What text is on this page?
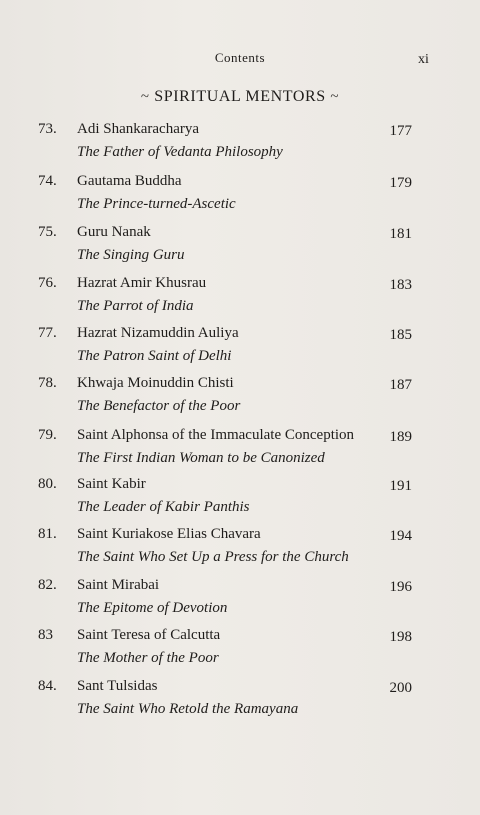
Contents	xi
~ SPIRITUAL MENTORS ~
73. Adi Shankaracharya
The Father of Vedanta Philosophy
177
74. Gautama Buddha
The Prince-turned-Ascetic
179
75. Guru Nanak
The Singing Guru
181
76. Hazrat Amir Khusrau
The Parrot of India
183
77. Hazrat Nizamuddin Auliya
The Patron Saint of Delhi
185
78. Khwaja Moinuddin Chisti
The Benefactor of the Poor
187
79. Saint Alphonsa of the Immaculate Conception
The First Indian Woman to be Canonized
189
80. Saint Kabir
The Leader of Kabir Panthis
191
81. Saint Kuriakose Elias Chavara
The Saint Who Set Up a Press for the Church
194
82. Saint Mirabai
The Epitome of Devotion
196
83 Saint Teresa of Calcutta
The Mother of the Poor
198
84. Sant Tulsidas
The Saint Who Retold the Ramayana
200
